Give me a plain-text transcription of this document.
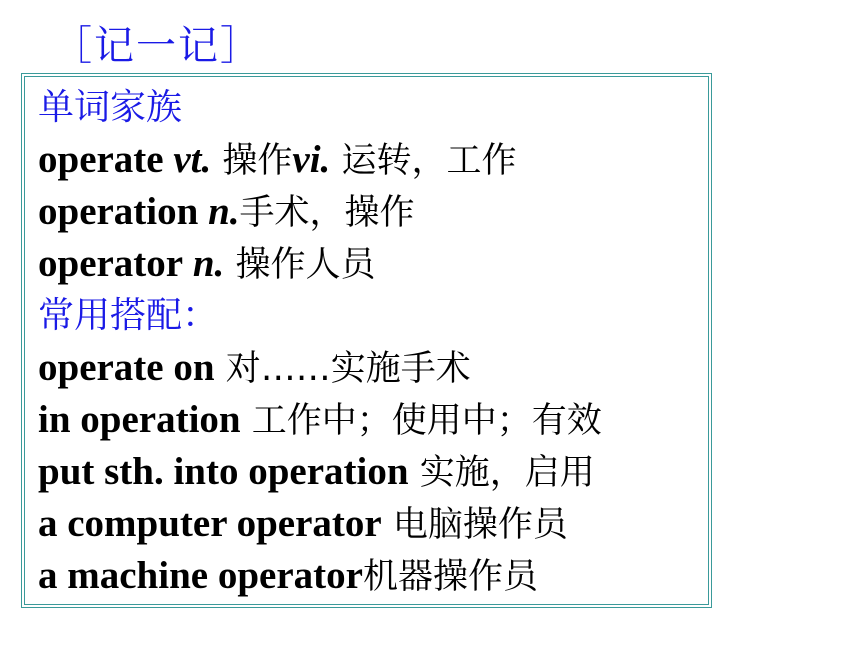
［记一记］
单词家族
operate vt. 操作vi. 运转，工作
operation n.手术，操作
operator n. 操作人员
常用搭配：
operate on 对……实施手术
in operation 工作中；使用中；有效
put sth. into operation 实施，启用
a computer operator 电脑操作员
a machine operator机器操作员
